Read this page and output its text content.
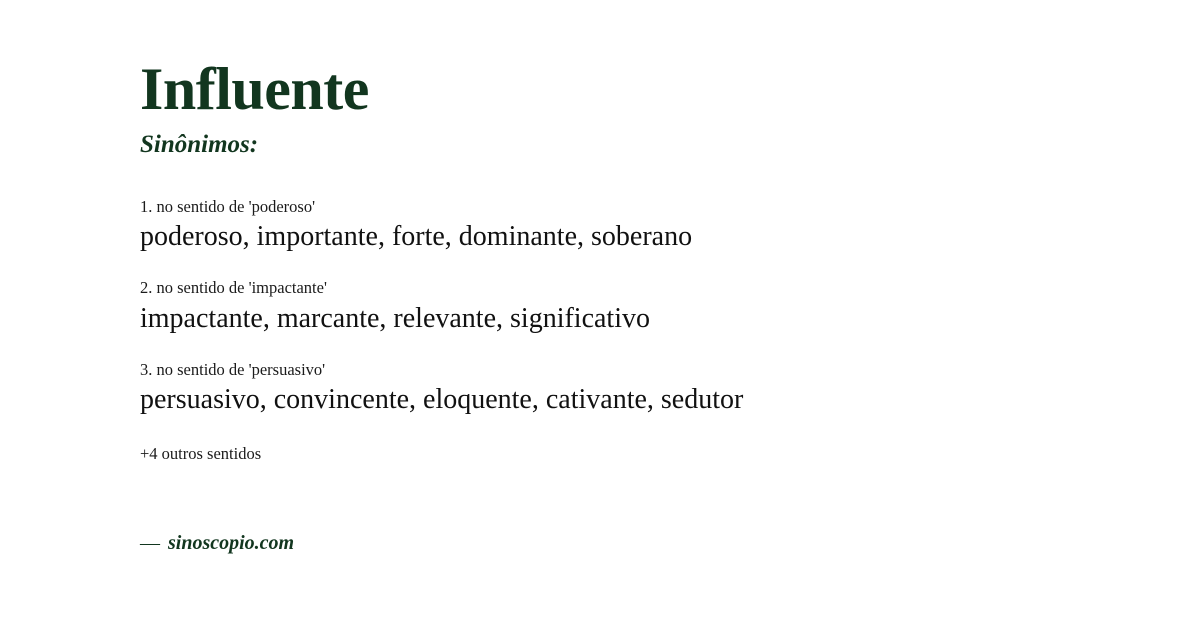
Influente
Sinônimos:
1. no sentido de 'poderoso'
poderoso, importante, forte, dominante, soberano
2. no sentido de 'impactante'
impactante, marcante, relevante, significativo
3. no sentido de 'persuasivo'
persuasivo, convincente, eloquente, cativante, sedutor
+4 outros sentidos
— sinoscopio.com
